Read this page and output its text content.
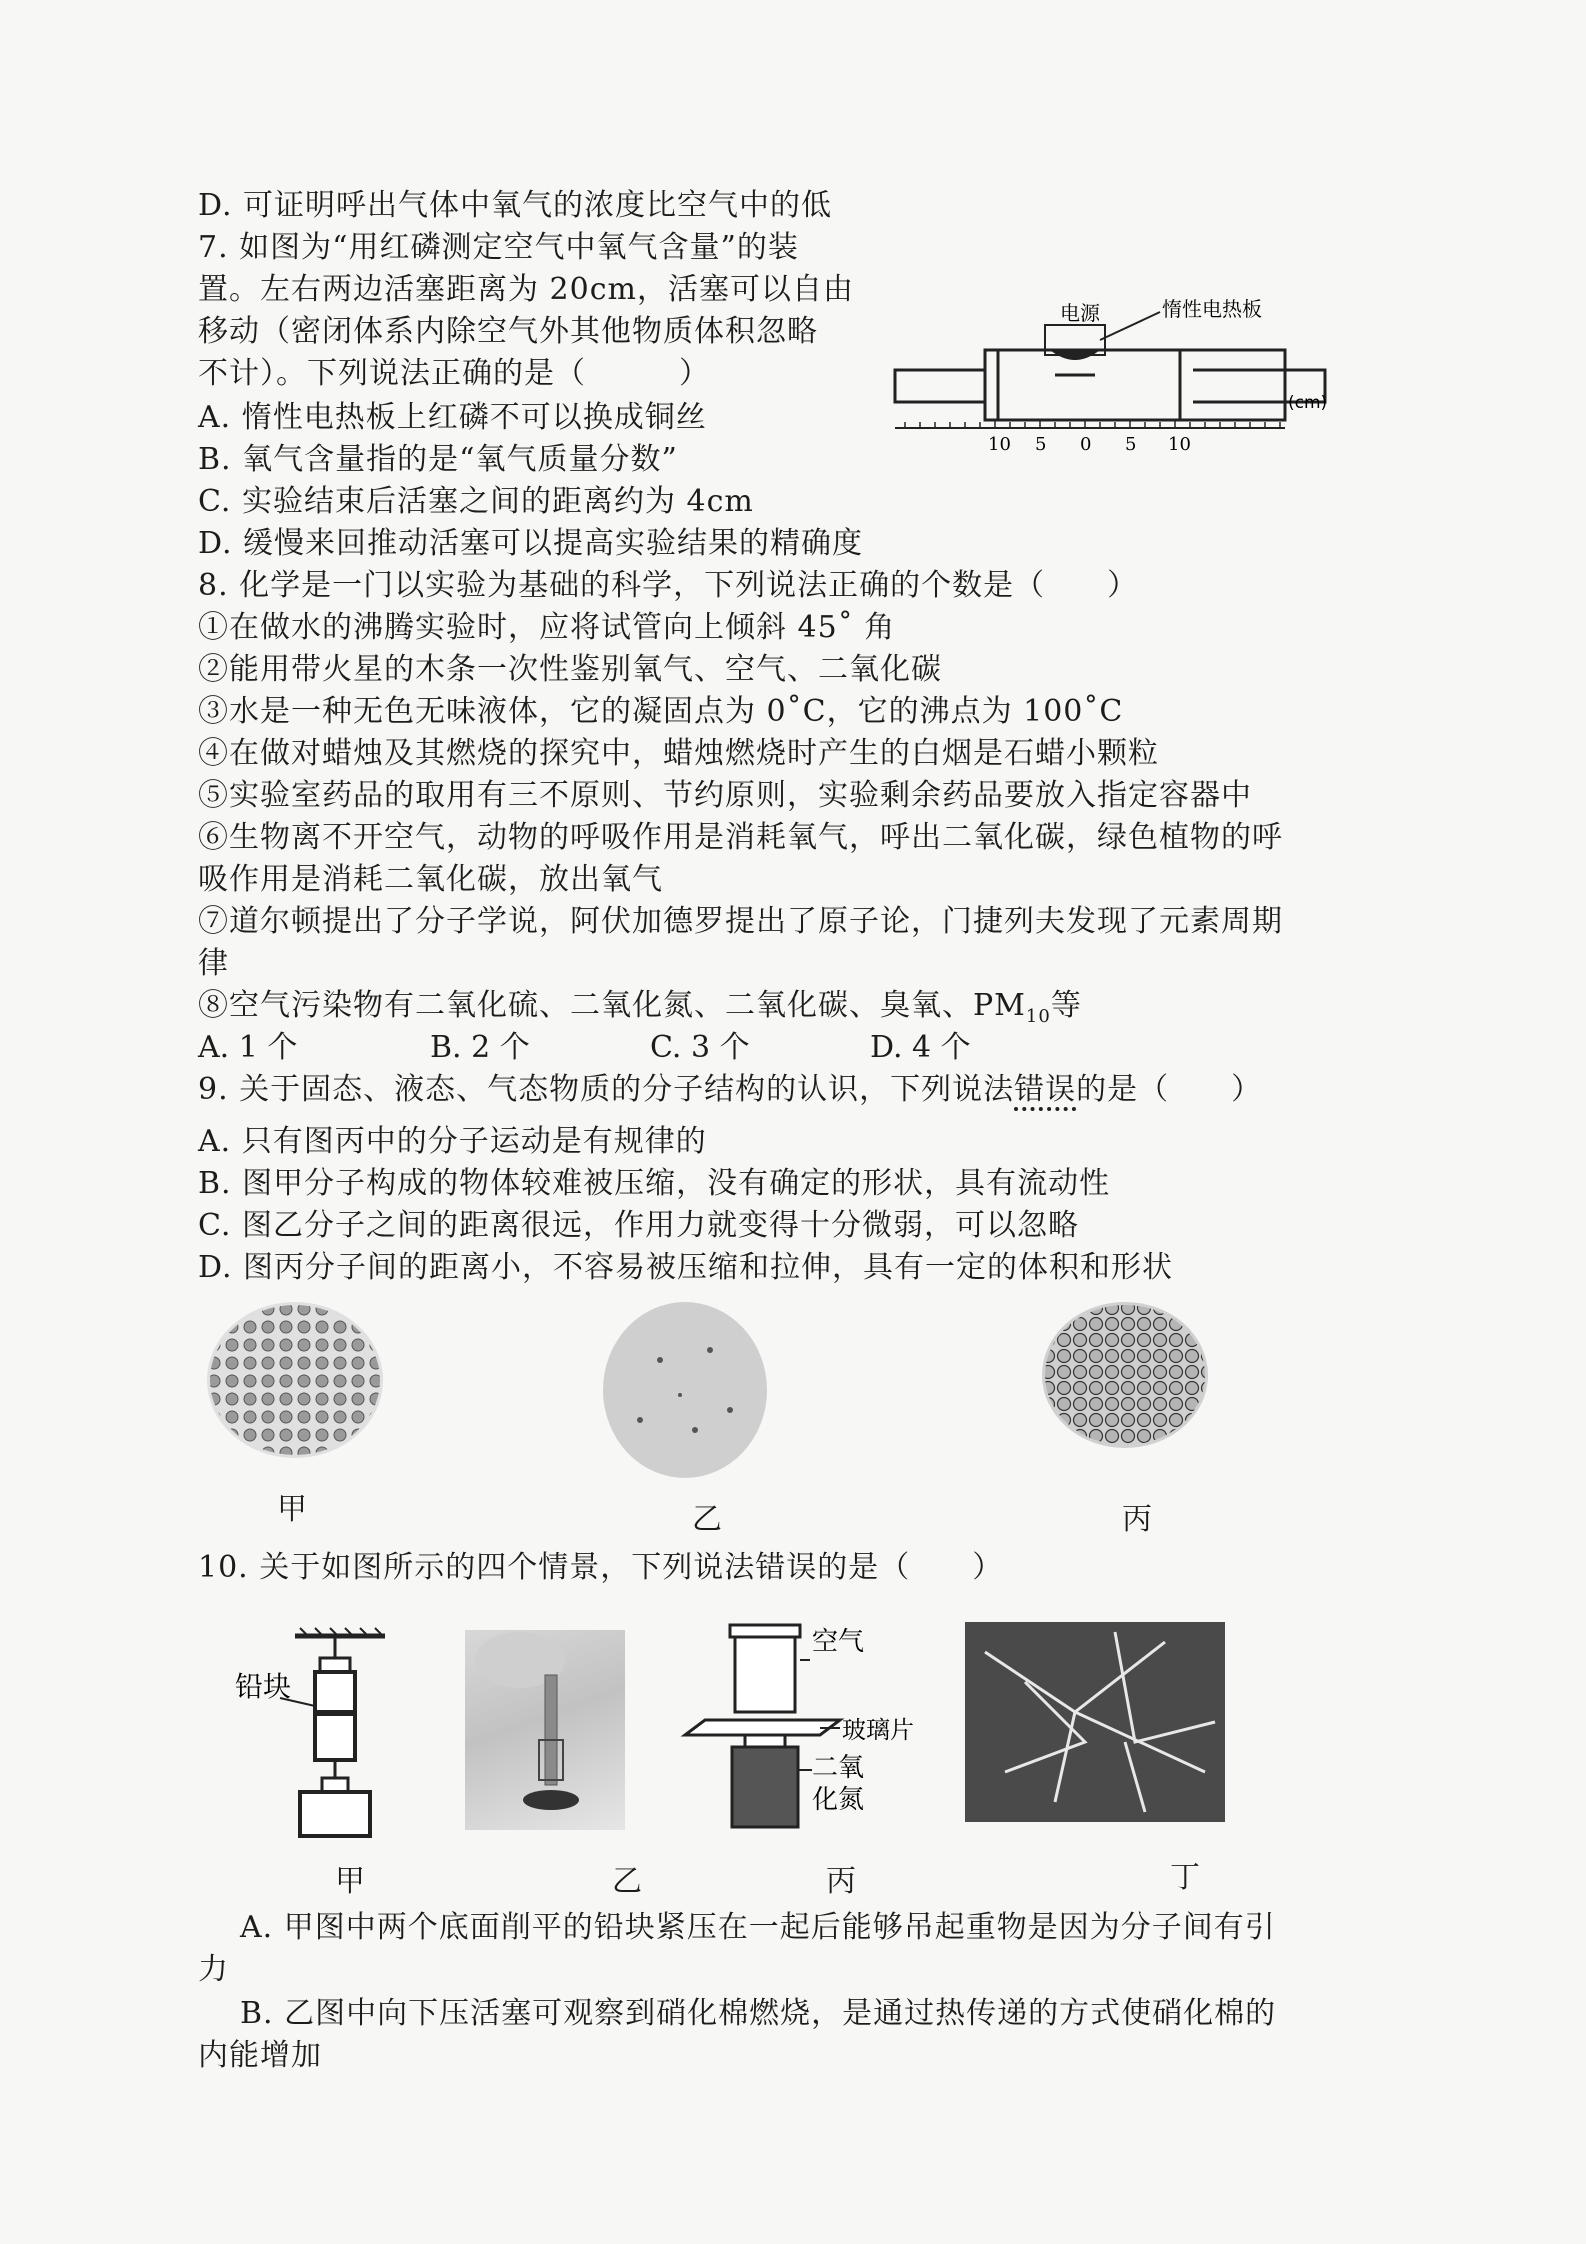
D. 可证明呼出气体中氧气的浓度比空气中的低
7. 如图为“用红磷测定空气中氧气含量”的装
置。左右两边活塞距离为 20cm，活塞可以自由
移动（密闭体系内除空气外其他物质体积忽略
不计）。下列说法正确的是（　　　）
A. 惰性电热板上红磷不可以换成铜丝
B. 氧气含量指的是“氧气质量分数”
C. 实验结束后活塞之间的距离约为 4cm
D. 缓慢来回推动活塞可以提高实验结果的精确度
电源	惰性电热板
(cm)
10 5 0 5 10
8. 化学是一门以实验为基础的科学，下列说法正确的个数是（　　）
①在做水的沸腾实验时，应将试管向上倾斜 45˚ 角
②能用带火星的木条一次性鉴别氧气、空气、二氧化碳
③水是一种无色无味液体，它的凝固点为 0˚C，它的沸点为 100˚C
④在做对蜡烛及其燃烧的探究中，蜡烛燃烧时产生的白烟是石蜡小颗粒
⑤实验室药品的取用有三不原则、节约原则，实验剩余药品要放入指定容器中
⑥生物离不开空气，动物的呼吸作用是消耗氧气，呼出二氧化碳，绿色植物的呼
吸作用是消耗二氧化碳，放出氧气
⑦道尔顿提出了分子学说，阿伏加德罗提出了原子论，门捷列夫发现了元素周期
律
⑧空气污染物有二氧化硫、二氧化氮、二氧化碳、臭氧、$PM_{10}$等
A. 1 个	B. 2 个	C. 3 个	D. 4 个
9. 关于固态、液态、气态物质的分子结构的认识，下列说法错误的是（　　）
A. 只有图丙中的分子运动是有规律的
B. 图甲分子构成的物体较难被压缩，没有确定的形状，具有流动性
C. 图乙分子之间的距离很远，作用力就变得十分微弱，可以忽略
D. 图丙分子间的距离小，不容易被压缩和拉伸，具有一定的体积和形状
甲	乙	丙
10. 关于如图所示的四个情景，下列说法错误的是（　　）
铅块
空气
玻璃片
二氧
化氮
甲	乙	丙	丁
A. 甲图中两个底面削平的铅块紧压在一起后能够吊起重物是因为分子间有引
力
B. 乙图中向下压活塞可观察到硝化棉燃烧，是通过热传递的方式使硝化棉的
内能增加
